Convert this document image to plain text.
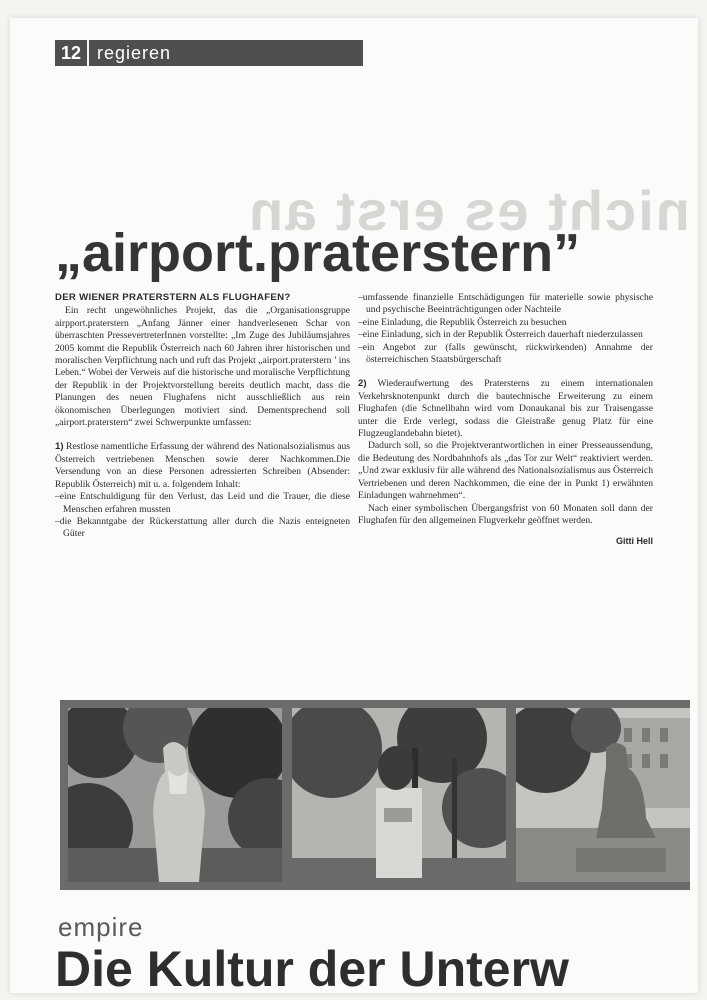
nicht es erst an
12 regieren
„airport.praterstern”
DER WIENER PRATERSTERN ALS FLUGHAFEN?

Ein recht ungewöhnliches Projekt, das die „Organisationsgruppe airpport.praterstern „Anfang Jänner einer handverlesenen Schar von überraschten PressevertreterInnen vorstellte: „Im Zuge des Jubiläumsjahres 2005 kommt die Republik Österreich nach 60 Jahren ihrer historischen und moralischen Verpflichtung nach und ruft das Projekt „airport.praterstern ’ ins Leben.“ Wobei der Verweis auf die historische und moralische Verpflichtung der Republik in der Projektvorstellung bereits deutlich macht, dass die Planungen des neuen Flughafens nicht ausschließlich aus rein ökonomischen Überlegungen motiviert sind. Dementsprechend soll „airport.praterstern“ zwei Schwerpunkte umfassen:

1) Restlose namentliche Erfassung der während des Nationalsozialismus aus Österreich vertriebenen Menschen sowie derer Nachkommen.Die Versendung von an diese Personen adressierten Schreiben (Absender: Republik Österreich) mit u. a. folgendem Inhalt:

–eine Entschuldigung für den Verlust, das Leid und die Trauer, die diese Menschen erfahren mussten
–die Bekanntgabe der Rückerstattung aller durch die Nazis enteigneten Güter
–umfassende finanzielle Entschädigungen für materielle sowie physische und psychische Beeinträchtigungen oder Nachteile
–eine Einladung, die Republik Österreich zu besuchen
–eine Einladung, sich in der Republik Österreich dauerhaft niederzulassen
–ein Angebot zur (falls gewünscht, rückwirkenden) Annahme der österreichischen Staatsbürgerschaft

2) Wiederaufwertung des Pratersterns zu einem internationalen Verkehrsknotenpunkt durch die bautechnische Erweiterung zu einem Flughafen (die Schnellbahn wird vom Donaukanal bis zur Traisengasse unter die Erde verlegt, sodass die Gleistraße genug Platz für eine Flugzeuglandebahn bietet).

Dadurch soll, so die Projektverantwortlichen in einer Presseaussendung, die Bedeutung des Nordbahnhofs als „das Tor zur Welt“ reaktiviert werden. „Und zwar exklusiv für alle während des Nationalsozialismus aus Österreich Vertriebenen und deren Nachkommen, die eine der in Punkt 1) erwähnten Einladungen wahrnehmen“.

Nach einer symbolischen Übergangsfrist von 60 Monaten soll dann der Flughafen für den allgemeinen Flugverkehr geöffnet werden.

Gitti Hell
empire
Die Kultur der Unterw
